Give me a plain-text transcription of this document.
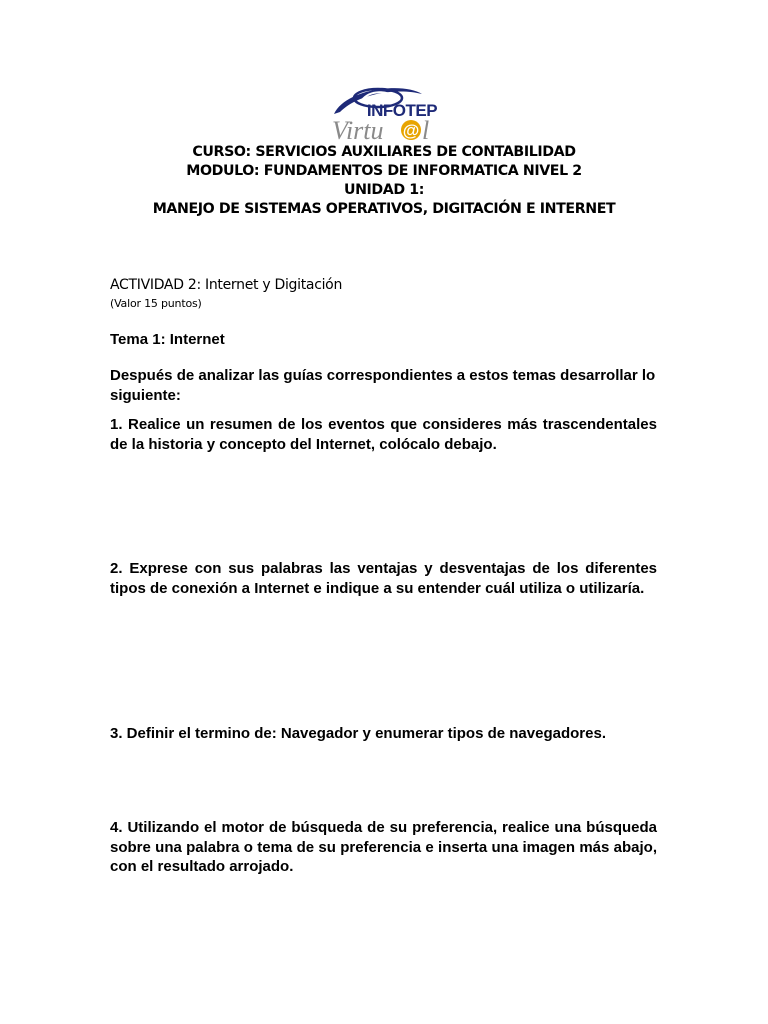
INFOTEP
Virtu @ l
CURSO: SERVICIOS AUXILIARES DE CONTABILIDAD
MODULO: FUNDAMENTOS DE INFORMATICA NIVEL 2
UNIDAD 1:
MANEJO DE SISTEMAS OPERATIVOS, DIGITACIÓN E INTERNET
ACTIVIDAD 2: Internet y Digitación
(Valor 15 puntos)
Tema 1: Internet
Después de analizar las guías correspondientes a estos temas desarrollar lo siguiente:
1. Realice un resumen de los eventos que consideres más trascendentales de la historia y concepto del Internet, colócalo debajo.
2. Exprese con sus palabras las ventajas y desventajas de los diferentes tipos de conexión a Internet e indique a su entender cuál utiliza o utilizaría.
3. Definir el termino de: Navegador y enumerar tipos de navegadores.
4. Utilizando el motor de búsqueda de su preferencia, realice una búsqueda sobre una palabra o tema de su preferencia e inserta una imagen más abajo, con el resultado arrojado.
